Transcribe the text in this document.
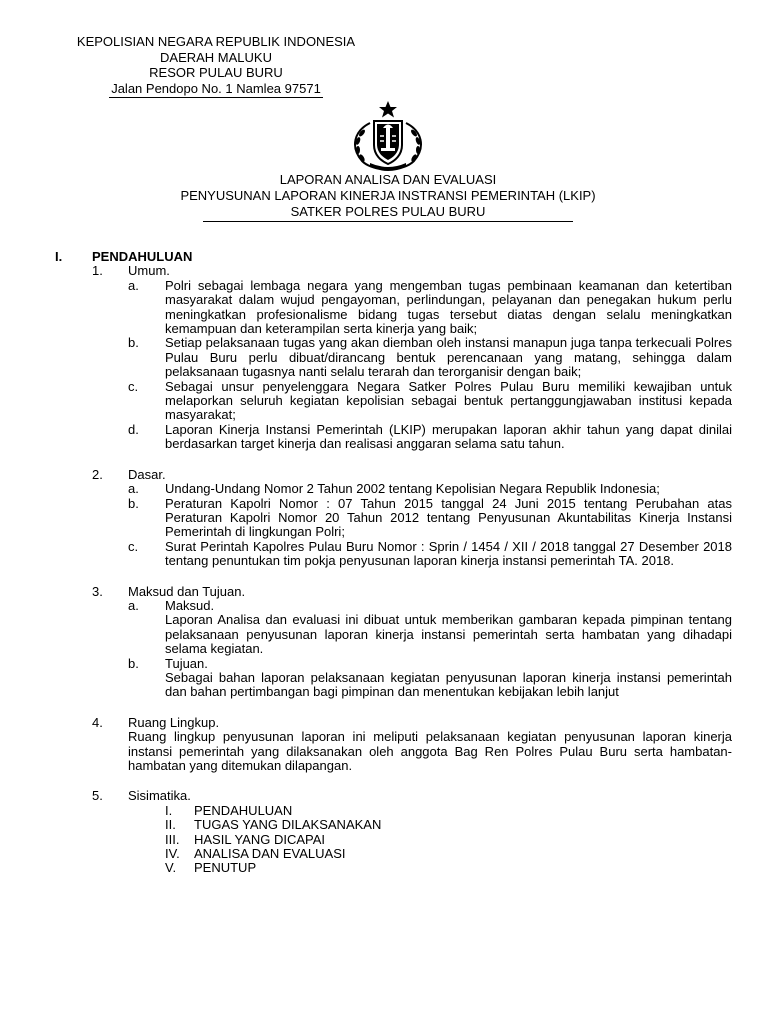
KEPOLISIAN NEGARA REPUBLIK INDONESIA
DAERAH MALUKU
RESOR PULAU BURU
Jalan Pendopo No. 1 Namlea 97571
LAPORAN ANALISA DAN EVALUASI
PENYUSUNAN LAPORAN KINERJA INSTRANSI PEMERINTAH (LKIP)
SATKER POLRES PULAU BURU
I.	PENDAHULUAN
1.	Umum.
a.	Polri sebagai lembaga negara yang mengemban tugas pembinaan keamanan dan ketertiban masyarakat dalam wujud pengayoman, perlindungan, pelayanan dan penegakan hukum perlu meningkatkan profesionalisme bidang tugas tersebut diatas dengan selalu meningkatkan kemampuan dan keterampilan serta kinerja yang baik;
b.	Setiap pelaksanaan tugas yang akan diemban oleh instansi manapun juga tanpa terkecuali Polres Pulau Buru perlu dibuat/dirancang bentuk perencanaan yang matang, sehingga dalam pelaksanaan tugasnya nanti selalu terarah dan terorganisir dengan baik;
c.	Sebagai unsur penyelenggara Negara Satker Polres Pulau Buru memiliki kewajiban untuk melaporkan seluruh kegiatan kepolisian sebagai bentuk pertanggungjawaban institusi kepada masyarakat;
d.	Laporan Kinerja Instansi Pemerintah (LKIP) merupakan laporan akhir tahun yang dapat dinilai berdasarkan target kinerja dan realisasi anggaran selama satu tahun.
2.	Dasar.
a.	Undang-Undang Nomor 2 Tahun 2002 tentang Kepolisian Negara Republik Indonesia;
b.	Peraturan Kapolri Nomor : 07 Tahun 2015 tanggal 24 Juni 2015 tentang Perubahan atas Peraturan Kapolri Nomor 20 Tahun 2012 tentang Penyusunan Akuntabilitas Kinerja Instansi Pemerintah di lingkungan Polri;
c.	Surat Perintah Kapolres Pulau Buru Nomor : Sprin / 1454 / XII / 2018 tanggal 27 Desember 2018 tentang penuntukan tim pokja penyusunan laporan kinerja instansi pemerintah TA. 2018.
3.	Maksud dan Tujuan.
a.	Maksud.
Laporan Analisa dan evaluasi ini dibuat untuk memberikan gambaran kepada pimpinan tentang pelaksanaan penyusunan laporan kinerja instansi pemerintah serta hambatan yang dihadapi selama kegiatan.
b.	Tujuan.
Sebagai bahan laporan pelaksanaan kegiatan penyusunan laporan kinerja instansi pemerintah dan bahan pertimbangan bagi pimpinan dan menentukan kebijakan lebih lanjut
4.	Ruang Lingkup.
Ruang lingkup penyusunan laporan ini meliputi pelaksanaan kegiatan penyusunan laporan kinerja instansi pemerintah yang dilaksanakan oleh anggota Bag Ren Polres Pulau Buru serta hambatan-hambatan yang ditemukan dilapangan.
5.	Sisimatika.
I.	PENDAHULUAN
II.	TUGAS YANG DILAKSANAKAN
III.	HASIL YANG DICAPAI
IV.	ANALISA DAN EVALUASI
V.	PENUTUP
